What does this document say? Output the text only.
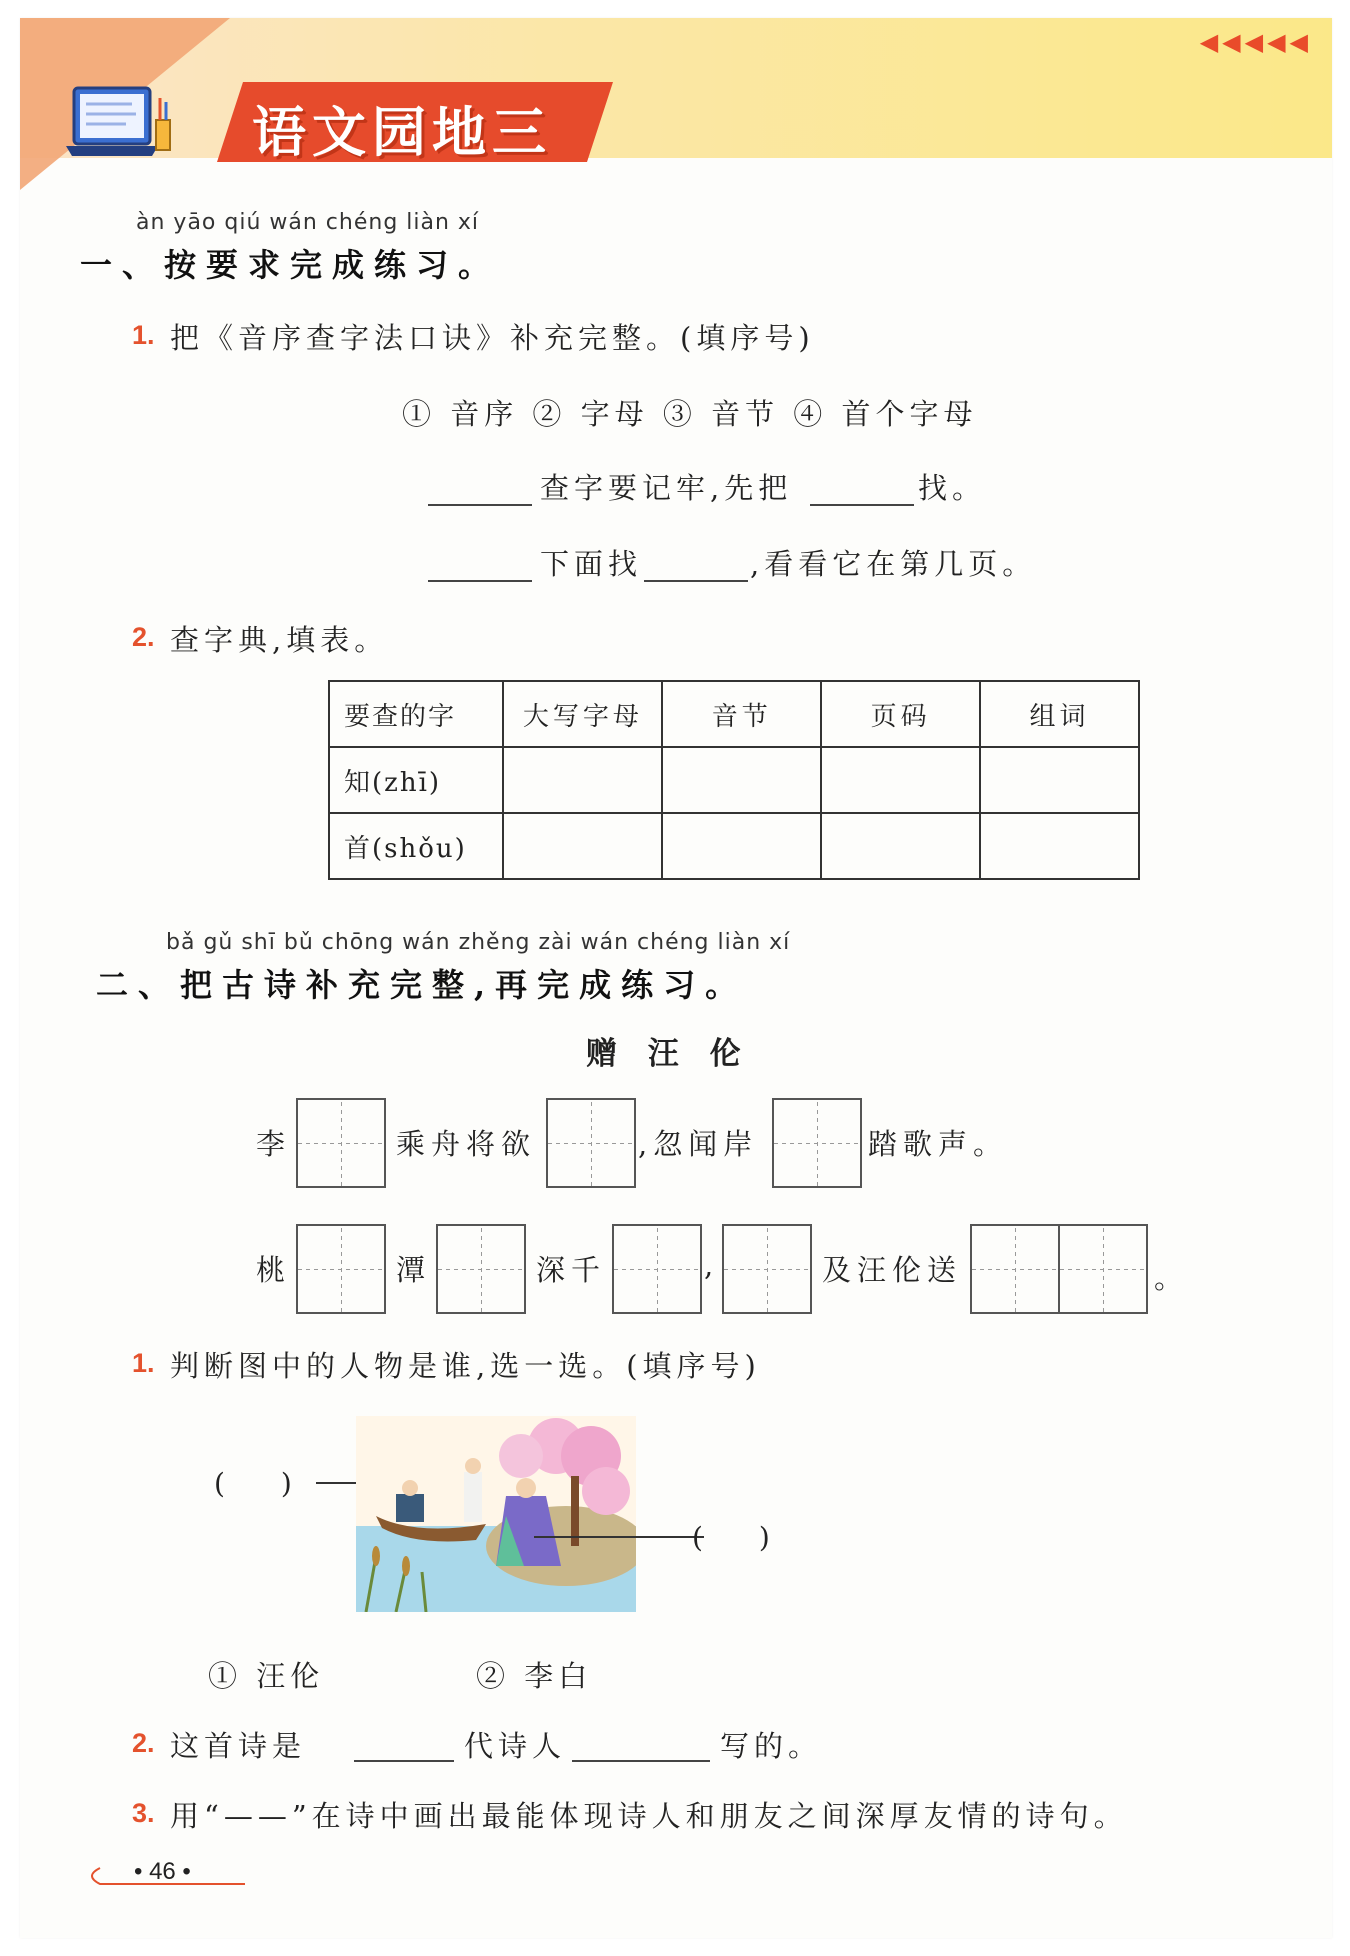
◀◀◀◀◀
语文园地三
àn yāo qiú wán chéng liàn xí
一、按要求完成练习。
1. 把《音序查字法口诀》补充完整。(填序号)
① 音序 ② 字母 ③ 音节 ④ 首个字母
查字要记牢,先把	找。
下面找	,看看它在第几页。
2. 查字典,填表。
要查的字	大写字母	音节	页码	组词
知(zhī)				
首(shǒu)				
bǎ gǔ shī bǔ chōng wán zhěng zài wán chéng liàn xí
二、把古诗补充完整,再完成练习。
赠 汪 伦
李	乘舟将欲	,忽闻岸	踏歌声。
桃	潭	深千	,	及汪伦送	。
1. 判断图中的人物是谁,选一选。(填序号)
(　　)
(　　)
① 汪伦	② 李白
2. 这首诗是	代诗人	写的。
3. 用“——”在诗中画出最能体现诗人和朋友之间深厚友情的诗句。
• 46 •
